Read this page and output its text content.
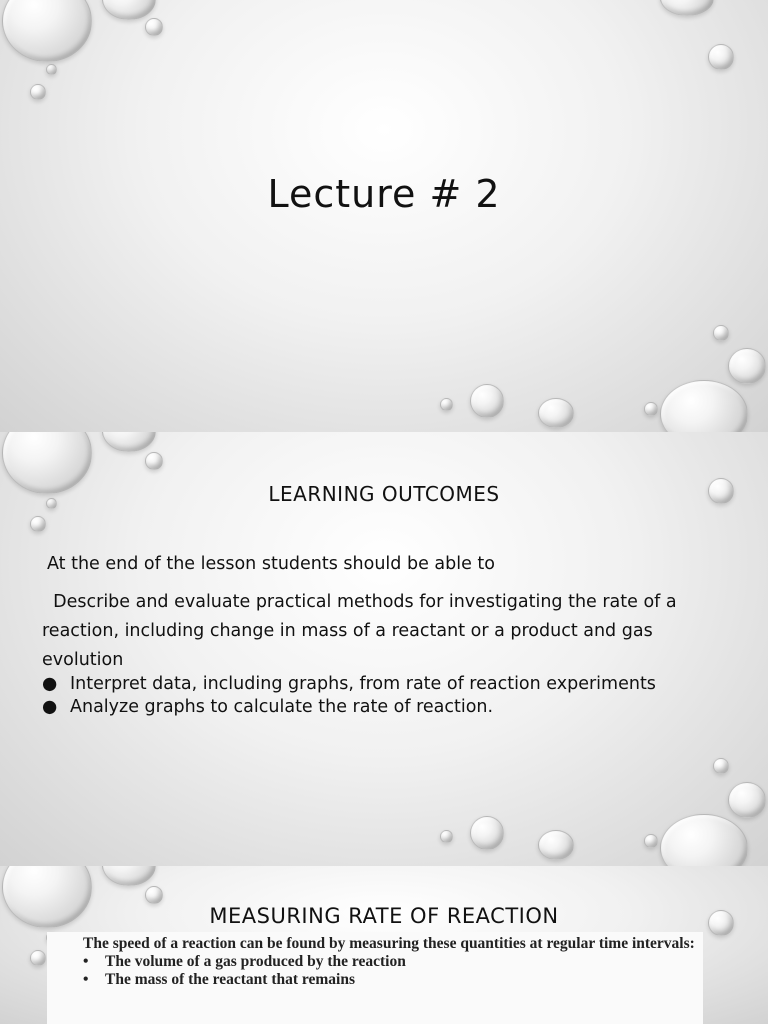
Lecture # 2
LEARNING OUTCOMES
At the end of the lesson students should be able to
Describe and evaluate practical methods for investigating the rate of a reaction, including change in mass of a reactant or a product and gas evolution
● Interpret data, including graphs, from rate of reaction experiments
● Analyze graphs to calculate the rate of reaction.
MEASURING RATE OF REACTION
The speed of a reaction can be found by measuring these quantities at regular time intervals:
•	The volume of a gas produced by the reaction
•	The mass of the reactant that remains
